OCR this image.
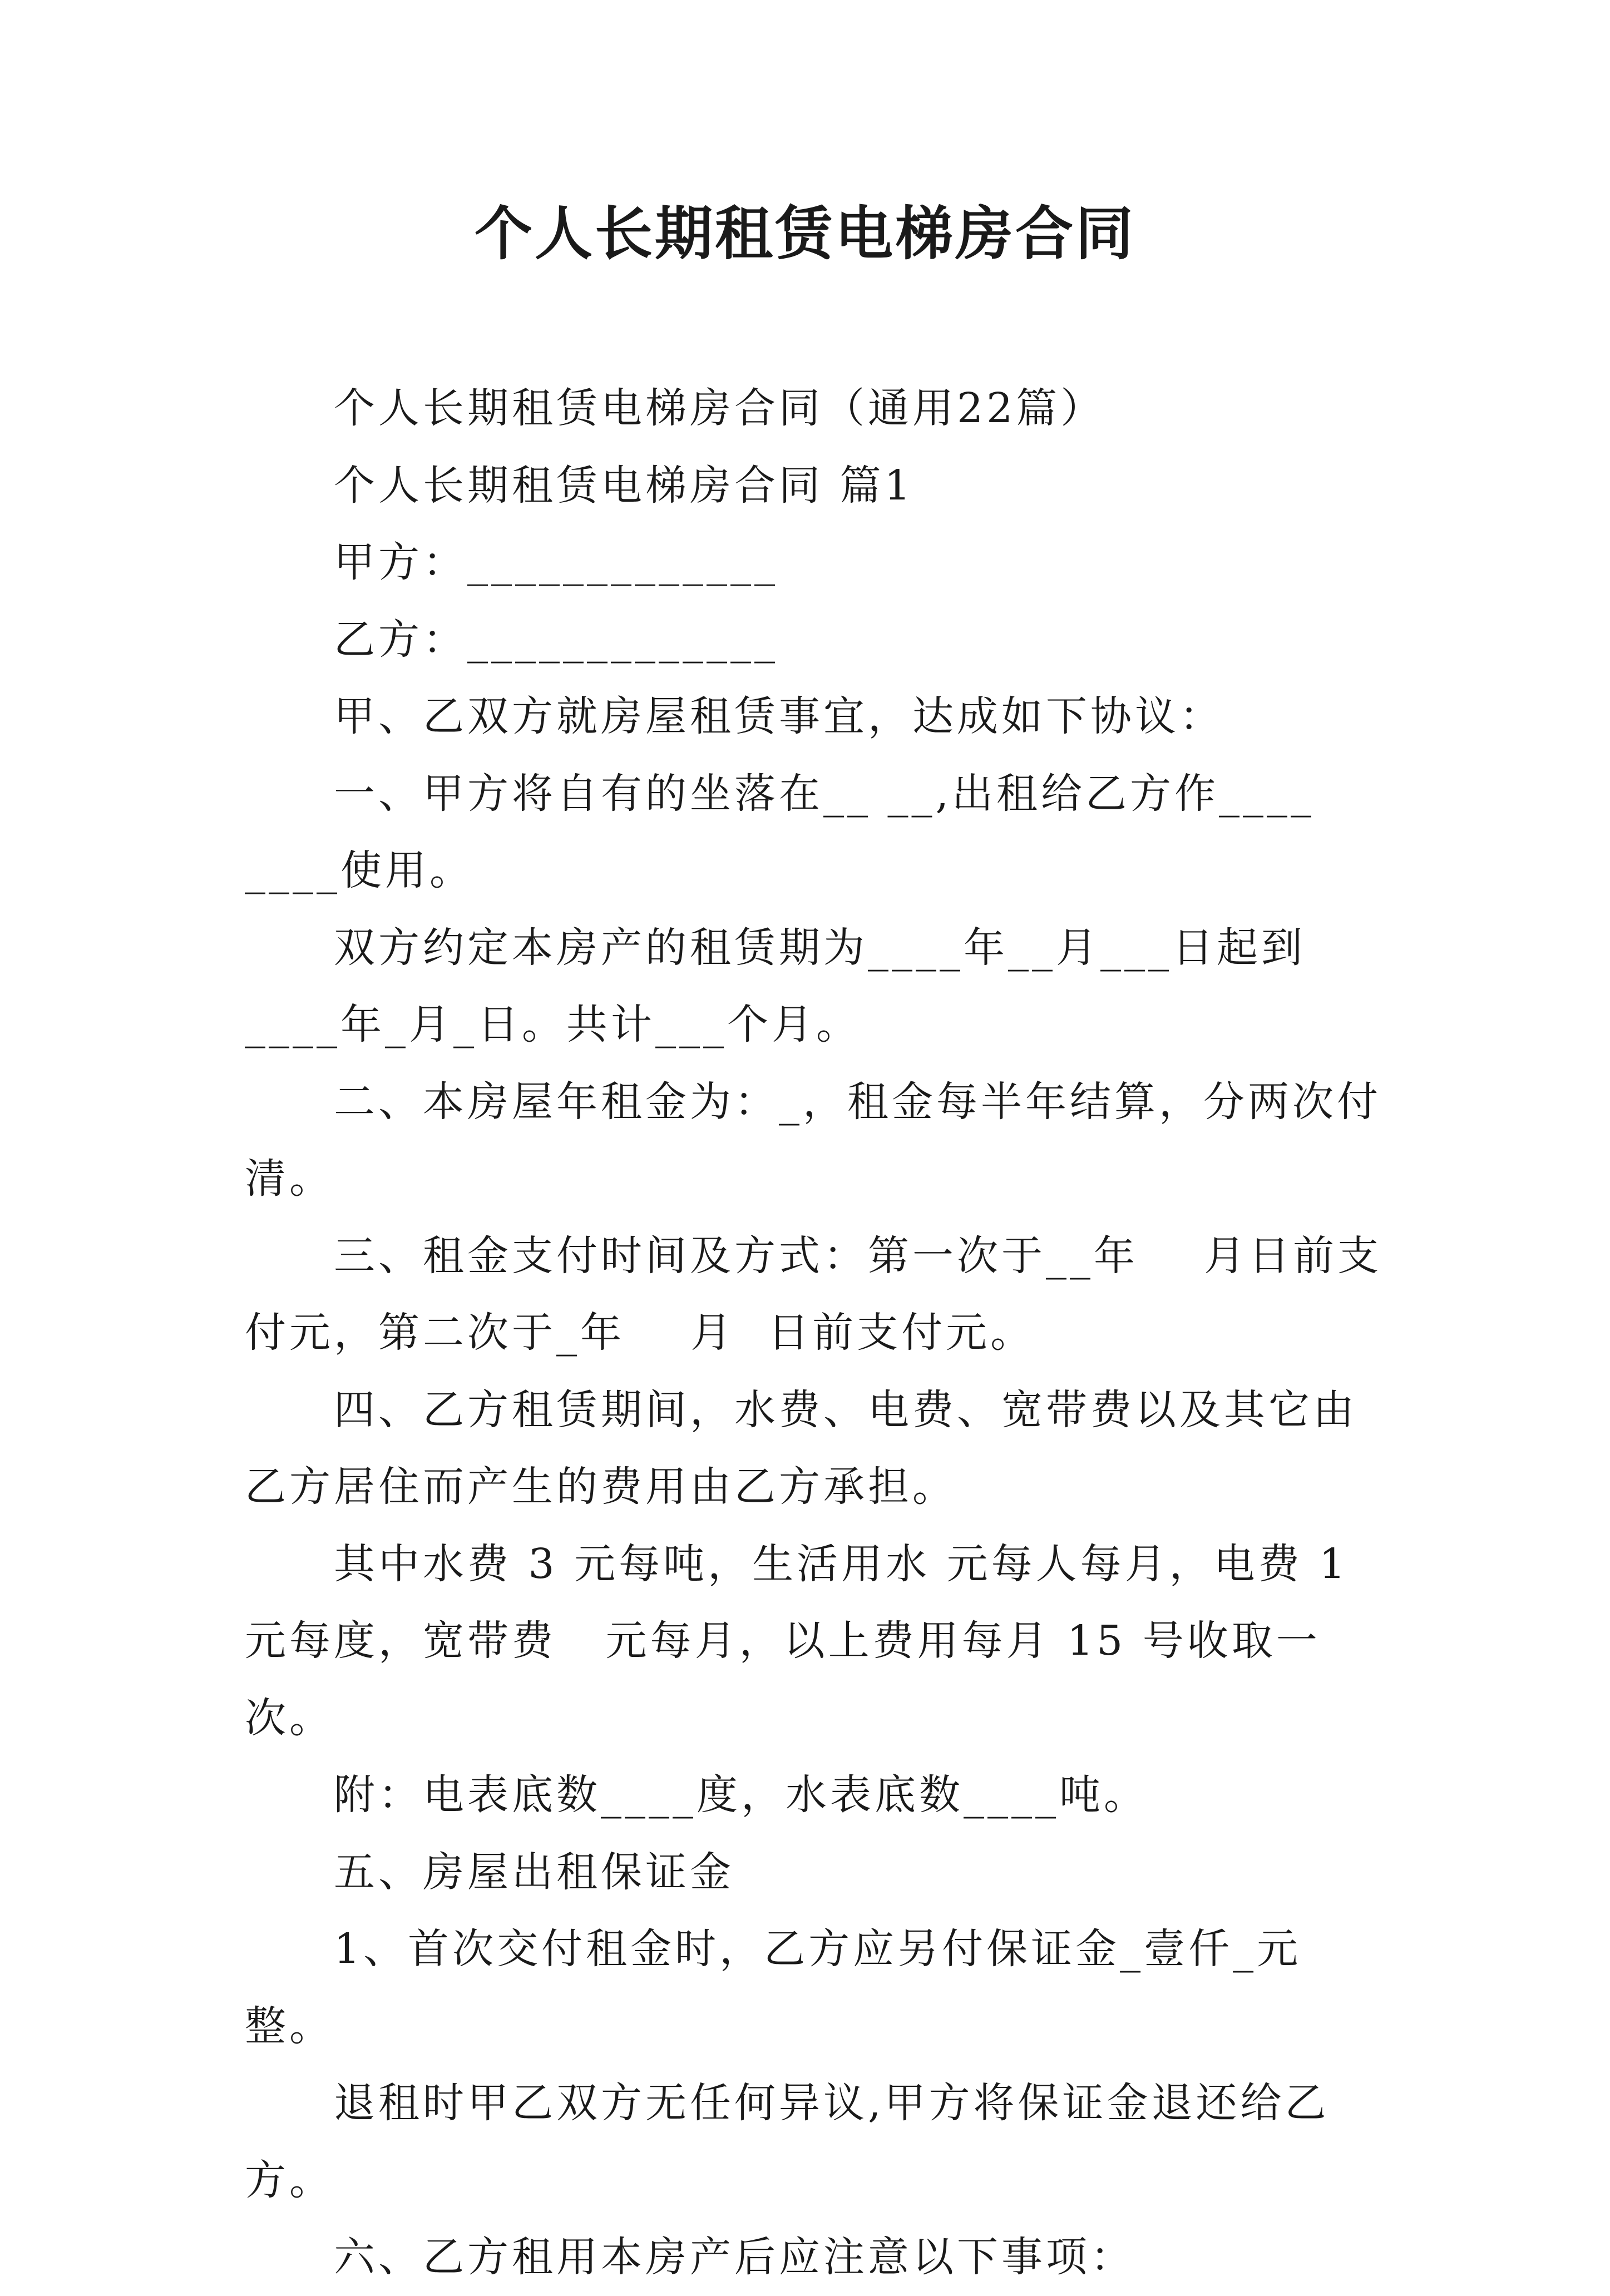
个人长期租赁电梯房合同

个人长期租赁电梯房合同（通用22篇）

个人长期租赁电梯房合同 篇1

甲方：_____________

乙方：_____________

甲、乙双方就房屋租赁事宜，达成如下协议：

一、甲方将自有的坐落在__ __,出租给乙方作____ ____使用。

双方约定本房产的租赁期为____年__月___日起到____年_月_日。共计___个月。

二、本房屋年租金为：_，租金每半年结算，分两次付清。

三、租金支付时间及方式：第一次于__年    月日前支付元，第二次于_年    月  日前支付元。

四、乙方租赁期间，水费、电费、宽带费以及其它由乙方居住而产生的费用由乙方承担。

其中水费 3 元每吨，生活用水 元每人每月，电费 1 元每度，宽带费   元每月，以上费用每月 15 号收取一次。

附：电表底数____度，水表底数____吨。

五、房屋出租保证金

1、首次交付租金时，乙方应另付保证金_壹仟_元整。

退租时甲乙双方无任何异议,甲方将保证金退还给乙方。

六、乙方租用本房产后应注意以下事项：
